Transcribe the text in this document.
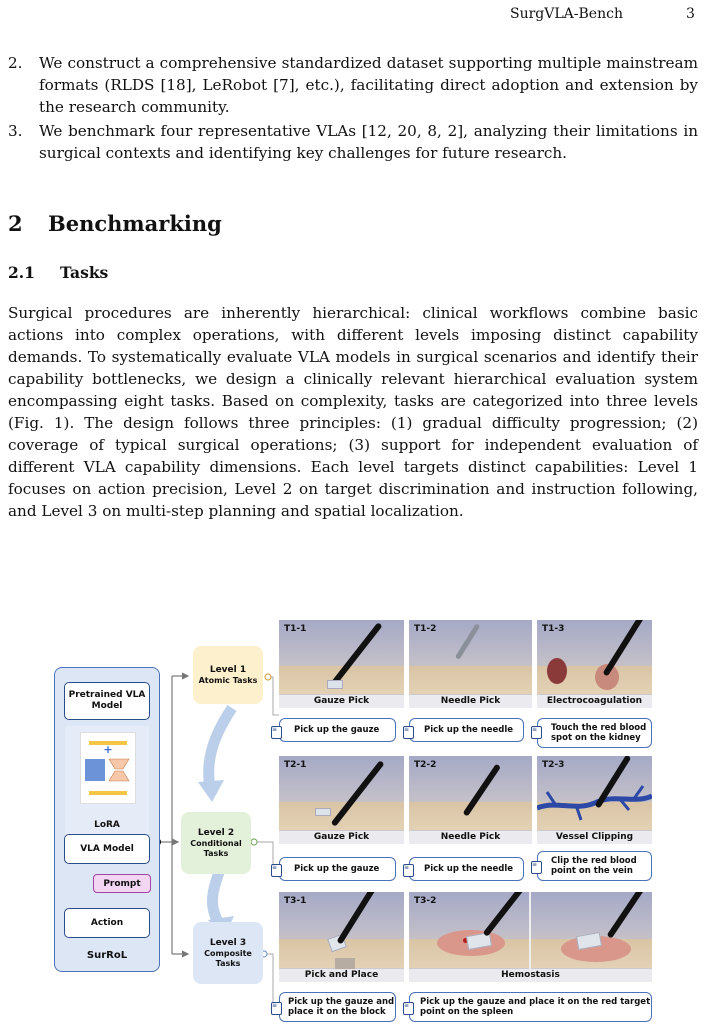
SurgVLA-Bench	3
2. We construct a comprehensive standardized dataset supporting multiple mainstream formats (RLDS [18], LeRobot [7], etc.), facilitating direct adoption and extension by the research community.
3. We benchmark four representative VLAs [12, 20, 8, 2], analyzing their limitations in surgical contexts and identifying key challenges for future research.
2 Benchmarking
2.1 Tasks
Surgical procedures are inherently hierarchical: clinical workflows combine basic actions into complex operations, with different levels imposing distinct capability demands. To systematically evaluate VLA models in surgical scenarios and identify their capability bottlenecks, we design a clinically relevant hierarchical evaluation system encompassing eight tasks. Based on complexity, tasks are categorized into three levels (Fig. 1). The design follows three principles: (1) gradual difficulty progression; (2) coverage of typical surgical operations; (3) support for independent evaluation of different VLA capability dimensions. Each level targets distinct capabilities: Level 1 focuses on action precision, Level 2 on target discrimination and instruction following, and Level 3 on multi-step planning and spatial localization.
Pretrained VLA Model
+
LoRA
VLA Model
Prompt
Action
SurRoL
Level 1
Atomic Tasks
Level 2
Conditional Tasks
Level 3
Composite Tasks
T1-1
Gauze Pick
T1-2
Needle Pick
T1-3
Electrocoagulation
Pick up the gauze	Pick up the needle	Touch the red blood spot on the kidney
≡	≡	≡
T2-1
Gauze Pick
T2-2
Needle Pick
T2-3
Vessel Clipping
Pick up the gauze	Pick up the needle
Clip the red blood point on the vein
≡	≡	≡
T3-1
Pick and Place
T3-2
Hemostasis
Pick up the gauze and place it on the block
Pick up the gauze and place it on the red target point on the spleen
≡	≡
